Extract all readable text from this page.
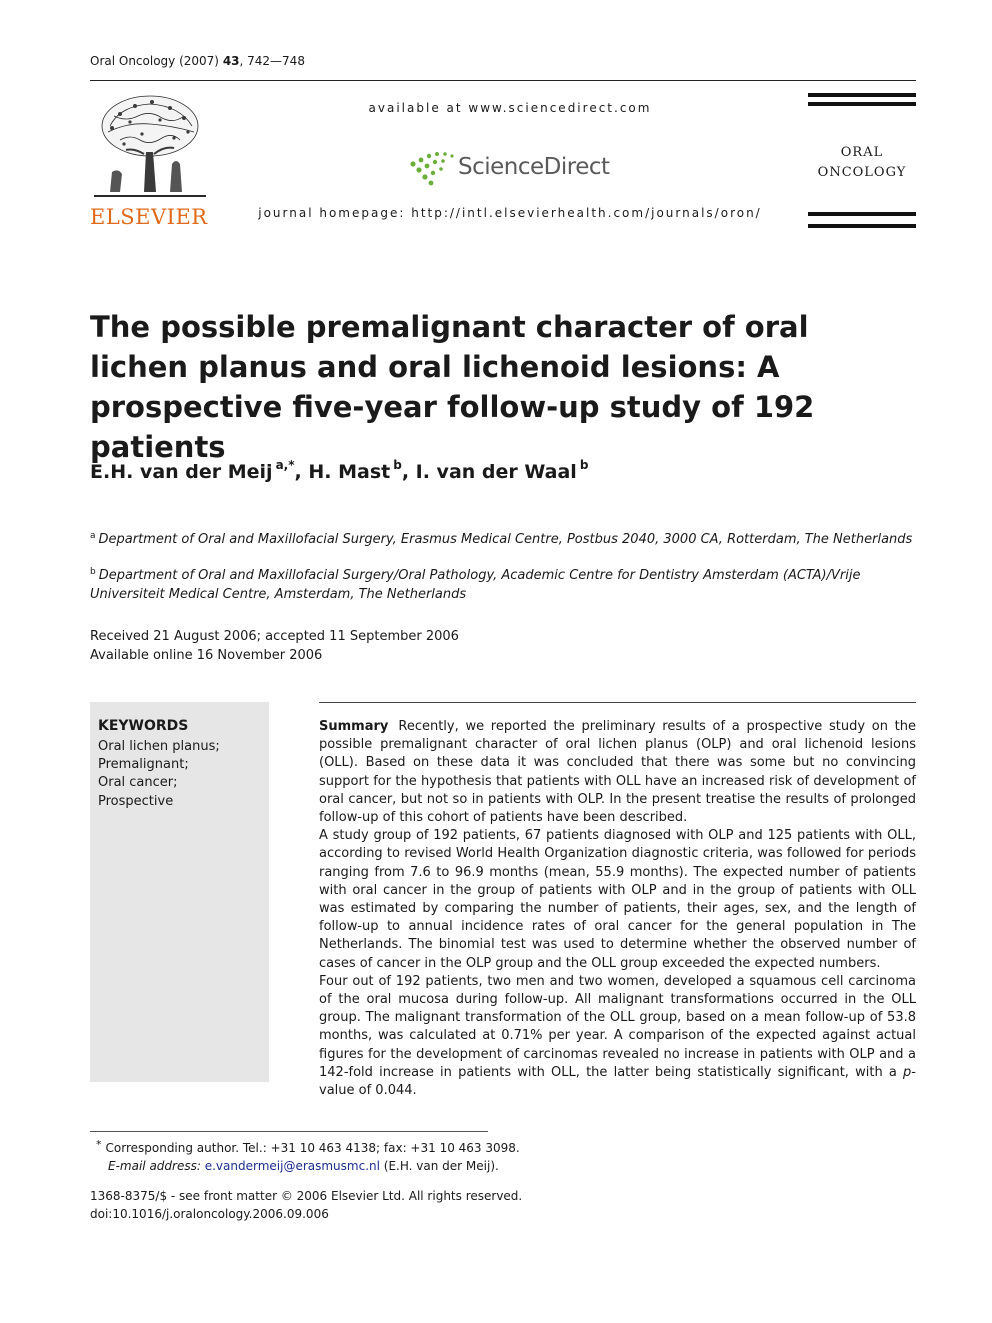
Oral Oncology (2007) 43, 742—748
ELSEVIER
available at www.sciencedirect.com
ScienceDirect
journal homepage: http://intl.elsevierhealth.com/journals/oron/
ORAL
ONCOLOGY
The possible premalignant character of oral lichen planus and oral lichenoid lesions: A prospective five-year follow-up study of 192 patients
E.H. van der Meij $^{a,*}$, H. Mast $^b$, I. van der Waal $^b$
$^a$ Department of Oral and Maxillofacial Surgery, Erasmus Medical Centre, Postbus 2040, 3000 CA, Rotterdam, The Netherlands
$^b$ Department of Oral and Maxillofacial Surgery/Oral Pathology, Academic Centre for Dentistry Amsterdam (ACTA)/Vrije Universiteit Medical Centre, Amsterdam, The Netherlands
Received 21 August 2006; accepted 11 September 2006
Available online 16 November 2006
KEYWORDS
Oral lichen planus;
Premalignant;
Oral cancer;
Prospective

Summary Recently, we reported the preliminary results of a prospective study on the possible premalignant character of oral lichen planus (OLP) and oral lichenoid lesions (OLL). Based on these data it was concluded that there was some but no convincing support for the hypothesis that patients with OLL have an increased risk of development of oral cancer, but not so in patients with OLP. In the present treatise the results of prolonged follow-up of this cohort of patients have been described.

A study group of 192 patients, 67 patients diagnosed with OLP and 125 patients with OLL, according to revised World Health Organization diagnostic criteria, was followed for periods ranging from 7.6 to 96.9 months (mean, 55.9 months). The expected number of patients with oral cancer in the group of patients with OLP and in the group of patients with OLL was estimated by comparing the number of patients, their ages, sex, and the length of follow-up to annual incidence rates of oral cancer for the general population in The Netherlands. The binomial test was used to determine whether the observed number of cases of cancer in the OLP group and the OLL group exceeded the expected numbers.

Four out of 192 patients, two men and two women, developed a squamous cell carcinoma of the oral mucosa during follow-up. All malignant transformations occurred in the OLL group. The malignant transformation of the OLL group, based on a mean follow-up of 53.8 months, was calculated at 0.71% per year. A comparison of the expected against actual figures for the development of carcinomas revealed no increase in patients with OLP and a 142-fold increase in patients with OLL, the latter being statistically significant, with a p-value of 0.044.

* Corresponding author. Tel.: +31 10 463 4138; fax: +31 10 463 3098.
E-mail address: e.vandermeij@erasmusmc.nl (E.H. van der Meij).
1368-8375/$ - see front matter © 2006 Elsevier Ltd. All rights reserved.
doi:10.1016/j.oraloncology.2006.09.006
